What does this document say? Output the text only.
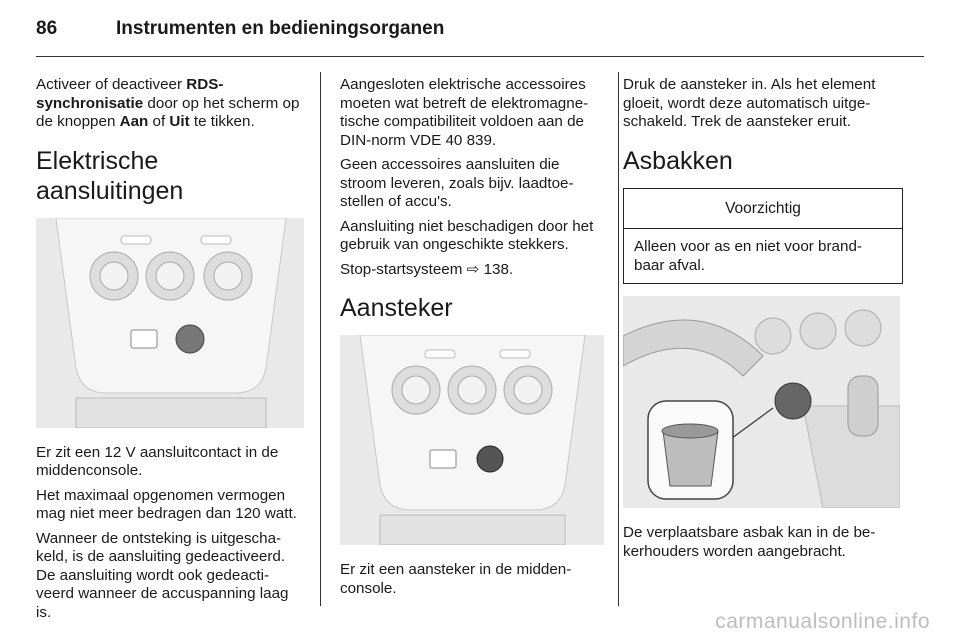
86	Instrumenten en bedieningsorganen

Activeer of deactiveer RDS-synchronisatie door op het scherm op de knoppen Aan of Uit te tikken.

Elektrische aansluitingen

Er zit een 12 V aansluitcontact in de middenconsole.

Het maximaal opgenomen vermogen mag niet meer bedragen dan 120 watt.

Wanneer de ontsteking is uitgescha-keld, is de aansluiting gedeactiveerd. De aansluiting wordt ook gedeacti-veerd wanneer de accuspanning laag is.

Aangesloten elektrische accessoires moeten wat betreft de elektromagne-tische compatibiliteit voldoen aan de DIN-norm VDE 40 839.

Geen accessoires aansluiten die stroom leveren, zoals bijv. laadtoe-stellen of accu's.

Aansluiting niet beschadigen door het gebruik van ongeschikte stekkers.

Stop-startsysteem ⇨ 138.

Aansteker

Er zit een aansteker in de midden-console.

Druk de aansteker in. Als het element gloeit, wordt deze automatisch uitge-schakeld. Trek de aansteker eruit.

Asbakken
Voorzichtig
Alleen voor as en niet voor brand-baar afval.

De verplaatsbare asbak kan in de be-kerhouders worden aangebracht.

carmanualsonline.info
